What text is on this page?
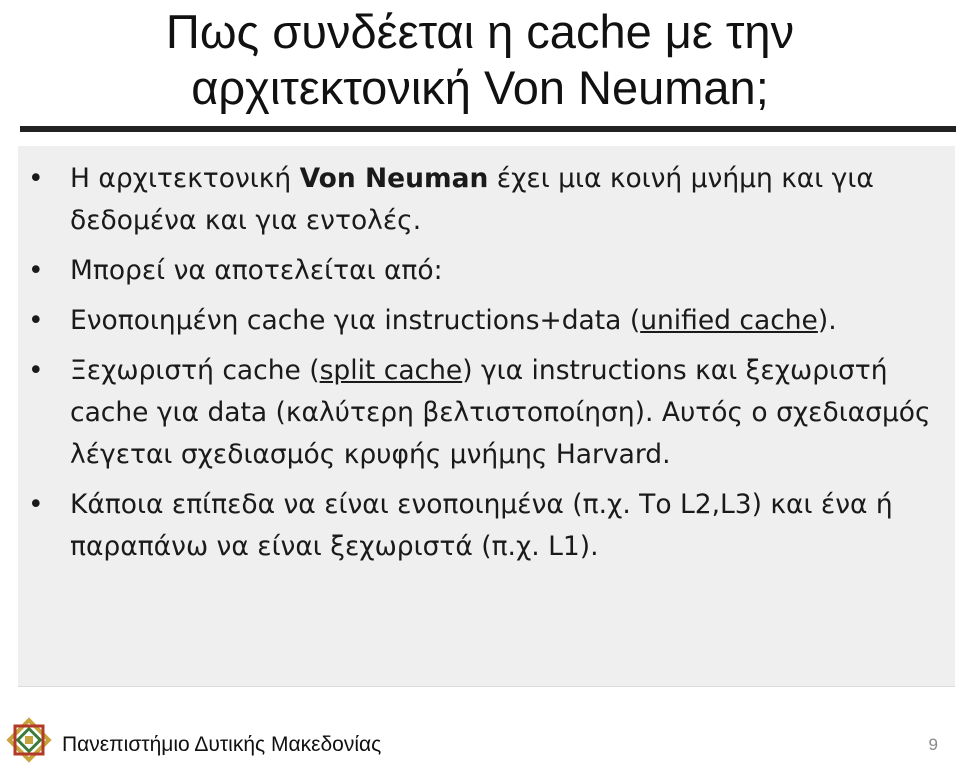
Πως συνδέεται η cache με την
αρχιτεκτονική Von Neuman;
• Η αρχιτεκτονική Von Neuman έχει μια κοινή μνήμη και για δεδομένα και για εντολές.
• Μπορεί να αποτελείται από:
• Ενοποιημένη cache για instructions+data (unified cache).
• Ξεχωριστή cache (split cache) για instructions και ξεχωριστή cache για data (καλύτερη βελτιστοποίηση). Αυτός ο σχεδιασμός λέγεται σχεδιασμός κρυφής μνήμης Harvard.
• Κάποια επίπεδα να είναι ενοποιημένα (π.χ. Το L2,L3) και ένα ή παραπάνω να είναι ξεχωριστά (π.χ. L1).
Πανεπιστήμιο Δυτικής Μακεδονίας	9
